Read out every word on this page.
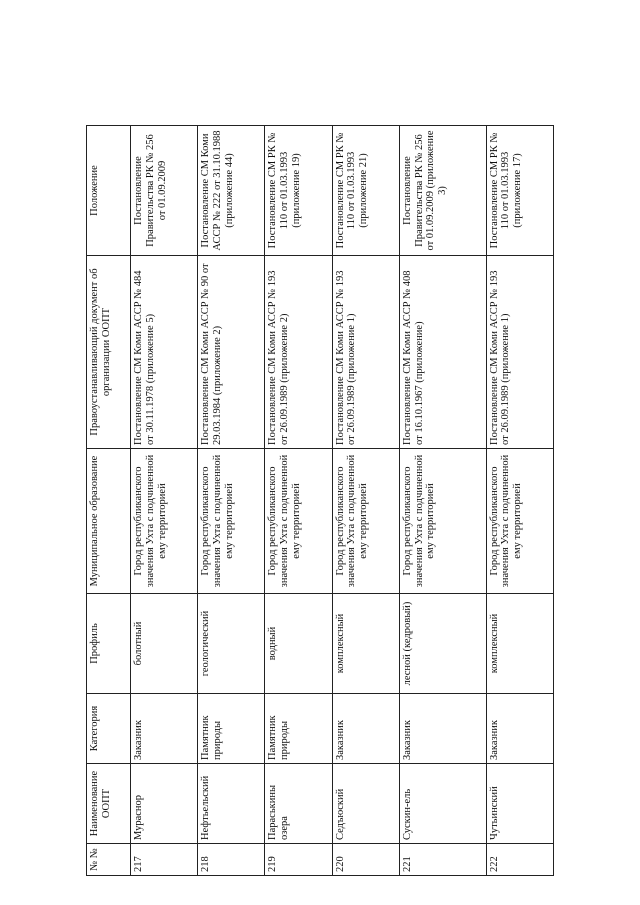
№ №	Наименование ООПТ	Категория	Профиль	Муниципальное образование	Правоустанавливающий документ об организации ООПТ	Положение
217	Мураснор	Заказник	болотный	Город республиканского значения Ухта с подчиненной ему территорией	Постановление СМ Коми АССР № 484 от 30.11.1978 (приложение 5)	Постановление Правительства РК № 256 от 01.09.2009
218	Нефтьельский	Памятник природы	геологический	Город республиканского значения Ухта с подчиненной ему территорией	Постановление СМ Коми АССР № 90 от 29.03.1984 (приложение 2)	Постановление СМ Коми АССР № 222 от 31.10.1988 (приложение 44)
219	Параськины озера	Памятник природы	водный	Город республиканского значения Ухта с подчиненной ему территорией	Постановление СМ Коми АССР № 193 от 26.09.1989 (приложение 2)	Постановление СМ РК № 110 от 01.03.1993 (приложение 19)
220	Седъюский	Заказник	комплексный	Город республиканского значения Ухта с подчиненной ему территорией	Постановление СМ Коми АССР № 193 от 26.09.1989 (приложение 1)	Постановление СМ РК № 110 от 01.03.1993 (приложение 21)
221	Сускин-ель	Заказник	лесной (кедровый)	Город республиканского значения Ухта с подчиненной ему территорией	Постановление СМ Коми АССР № 408 от 16.10.1967 (приложение)	Постановление Правительства РК № 256 от 01.09.2009 (приложение 3)
222	Чутьинский	Заказник	комплексный	Город республиканского значения Ухта с подчиненной ему территорией	Постановление СМ Коми АССР № 193 от 26.09.1989 (приложение 1)	Постановление СМ РК № 110 от 01.03.1993 (приложение 17)
